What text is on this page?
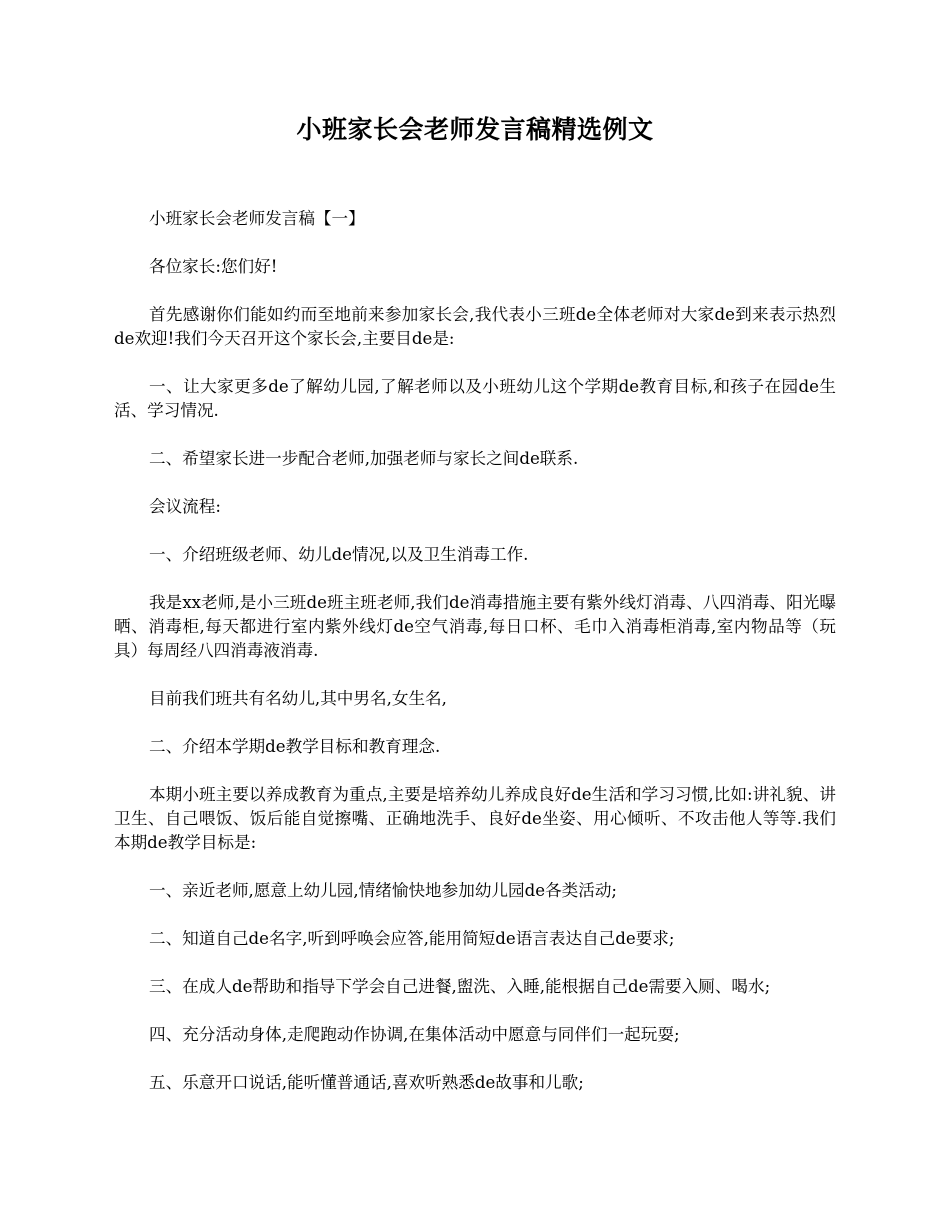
小班家长会老师发言稿精选例文

小班家长会老师发言稿【一】

各位家长:您们好!

首先感谢你们能如约而至地前来参加家长会,我代表小三班de全体老师对大家de到来表示热烈de欢迎!我们今天召开这个家长会,主要目de是:

一、让大家更多de了解幼儿园,了解老师以及小班幼儿这个学期de教育目标,和孩子在园de生活、学习情况.

二、希望家长进一步配合老师,加强老师与家长之间de联系.

会议流程:

一、介绍班级老师、幼儿de情况,以及卫生消毒工作.

我是xx老师,是小三班de班主班老师,我们de消毒措施主要有紫外线灯消毒、八四消毒、阳光曝晒、消毒柜,每天都进行室内紫外线灯de空气消毒,每日口杯、毛巾入消毒柜消毒,室内物品等（玩具）每周经八四消毒液消毒.

目前我们班共有名幼儿,其中男名,女生名,

二、介绍本学期de教学目标和教育理念.

本期小班主要以养成教育为重点,主要是培养幼儿养成良好de生活和学习习惯,比如:讲礼貌、讲卫生、自己喂饭、饭后能自觉擦嘴、正确地洗手、良好de坐姿、用心倾听、不攻击他人等等.我们本期de教学目标是:

一、亲近老师,愿意上幼儿园,情绪愉快地参加幼儿园de各类活动;

二、知道自己de名字,听到呼唤会应答,能用简短de语言表达自己de要求;

三、在成人de帮助和指导下学会自己进餐,盥洗、入睡,能根据自己de需要入厕、喝水;

四、充分活动身体,走爬跑动作协调,在集体活动中愿意与同伴们一起玩耍;

五、乐意开口说话,能听懂普通话,喜欢听熟悉de故事和儿歌;
